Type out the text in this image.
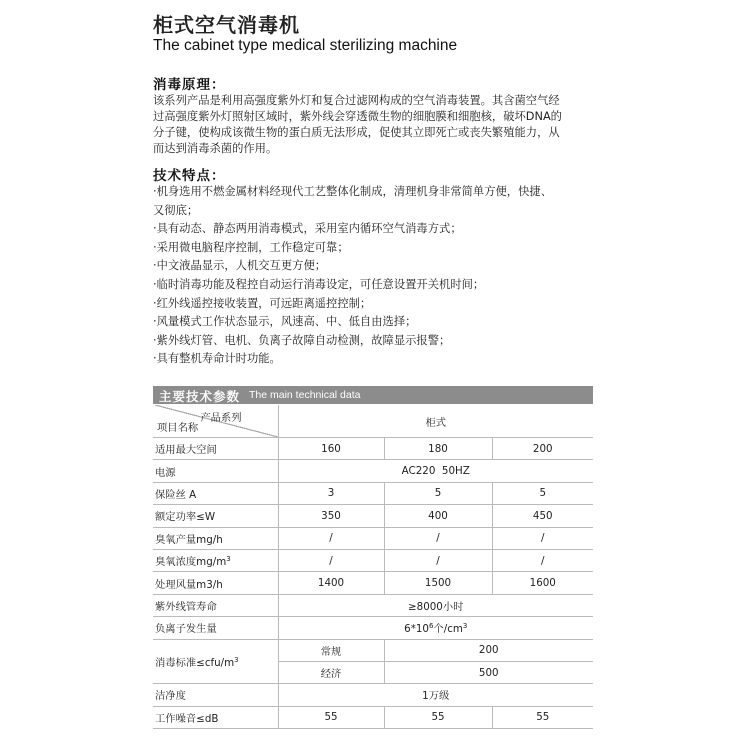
柜式空气消毒机
The cabinet type medical sterilizing machine
消毒原理：
该系列产品是利用高强度紫外灯和复合过滤网构成的空气消毒装置。其含菌空气经
过高强度紫外灯照射区域时，紫外线会穿透微生物的细胞膜和细胞核，破坏DNA的
分子键，使构成该微生物的蛋白质无法形成，促使其立即死亡或丧失繁殖能力，从
而达到消毒杀菌的作用。
技术特点：
·机身选用不燃金属材料经现代工艺整体化制成，清理机身非常简单方便，快捷、
又彻底；
·具有动态、静态两用消毒模式，采用室内循环空气消毒方式；
·采用微电脑程序控制，工作稳定可靠；
·中文液晶显示，人机交互更方便；
·临时消毒功能及程控自动运行消毒设定，可任意设置开关机时间；
·红外线遥控接收装置，可远距离遥控控制；
·风量模式工作状态显示，风速高、中、低自由选择；
·紫外线灯管、电机、负离子故障自动检测，故障显示报警；
·具有整机寿命计时功能。
主要技术参数 The main technical data
产品系列
项目名称	柜式		
适用最大空间	160	180	200
电源	AC220  50HZ		
保险丝 A	3	5	5
额定功率≤W	350	400	450
臭氧产量mg/h	/	/	/
臭氧浓度$mg/m^3$	/	/	/
处理风量m3/h	1400	1500	1600
紫外线管寿命	≥8000小时		
负离子发生量	$6*10^6$个$/cm^3$
消毒标准$\le cfu/m^3$	常规	200	
	经济	500	
洁净度	1万级		
工作噪音≤dB	55	55	55
